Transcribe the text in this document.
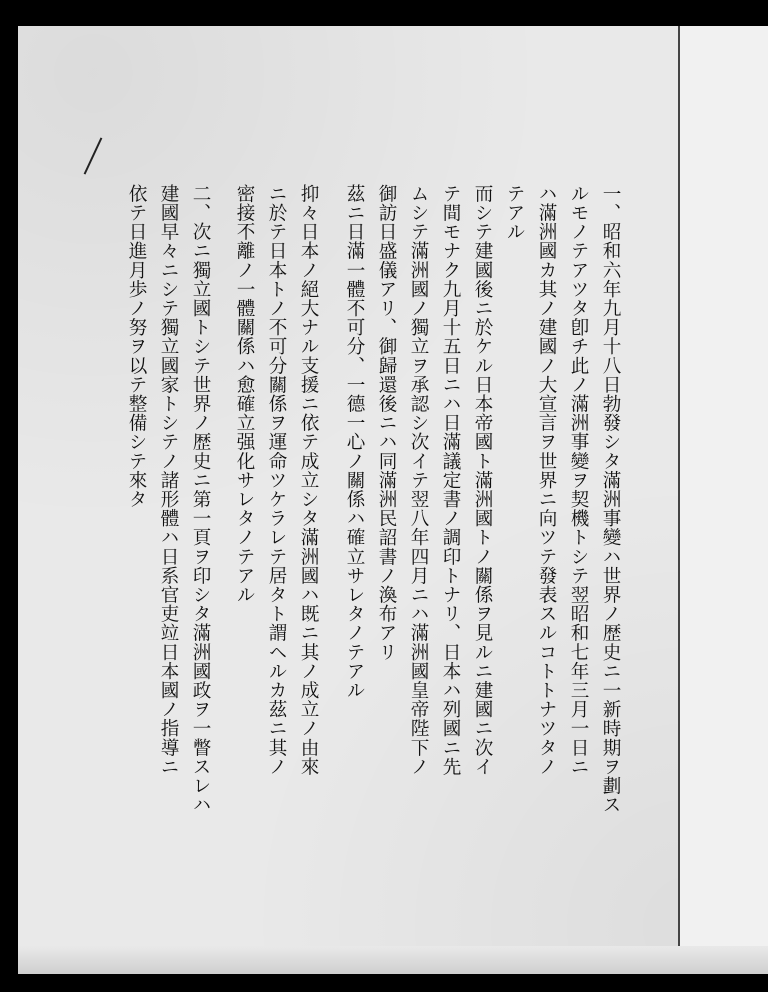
一、昭和六年九月十八日勃發シタ滿洲事變ハ世界ノ歴史ニ一新時期ヲ劃ス
ルモノテアツタ卽チ此ノ滿洲事變ヲ契機トシテ翌昭和七年三月一日ニ
ハ滿洲國カ其ノ建國ノ大宣言ヲ世界ニ向ツテ發表スルコトトナツタノ
テアル
而シテ建國後ニ於ケル日本帝國ト滿洲國トノ關係ヲ見ルニ建國ニ次イ
テ間モナク九月十五日ニハ日滿議定書ノ調印トナリ、日本ハ列國ニ先
ムシテ滿洲國ノ獨立ヲ承認シ次イテ翌八年四月ニハ滿洲國皇帝陛下ノ
御訪日盛儀アリ、御歸還後ニハ同滿洲民詔書ノ渙布アリ
茲ニ日滿一體不可分、一德一心ノ關係ハ確立サレタノテアル
抑々日本ノ絕大ナル支援ニ依テ成立シタ滿洲國ハ既ニ其ノ成立ノ由來
ニ於テ日本トノ不可分關係ヲ運命ツケラレテ居タト謂ヘルカ茲ニ其ノ
密接不離ノ一體關係ハ愈確立强化サレタノテアル
二、次ニ獨立國トシテ世界ノ歴史ニ第一頁ヲ印シタ滿洲國政ヲ一瞥スレハ
建國早々ニシテ獨立國家トシテノ諸形體ハ日系官吏竝日本國ノ指導ニ
依テ日進月歩ノ努ヲ以テ整備シテ來タ
